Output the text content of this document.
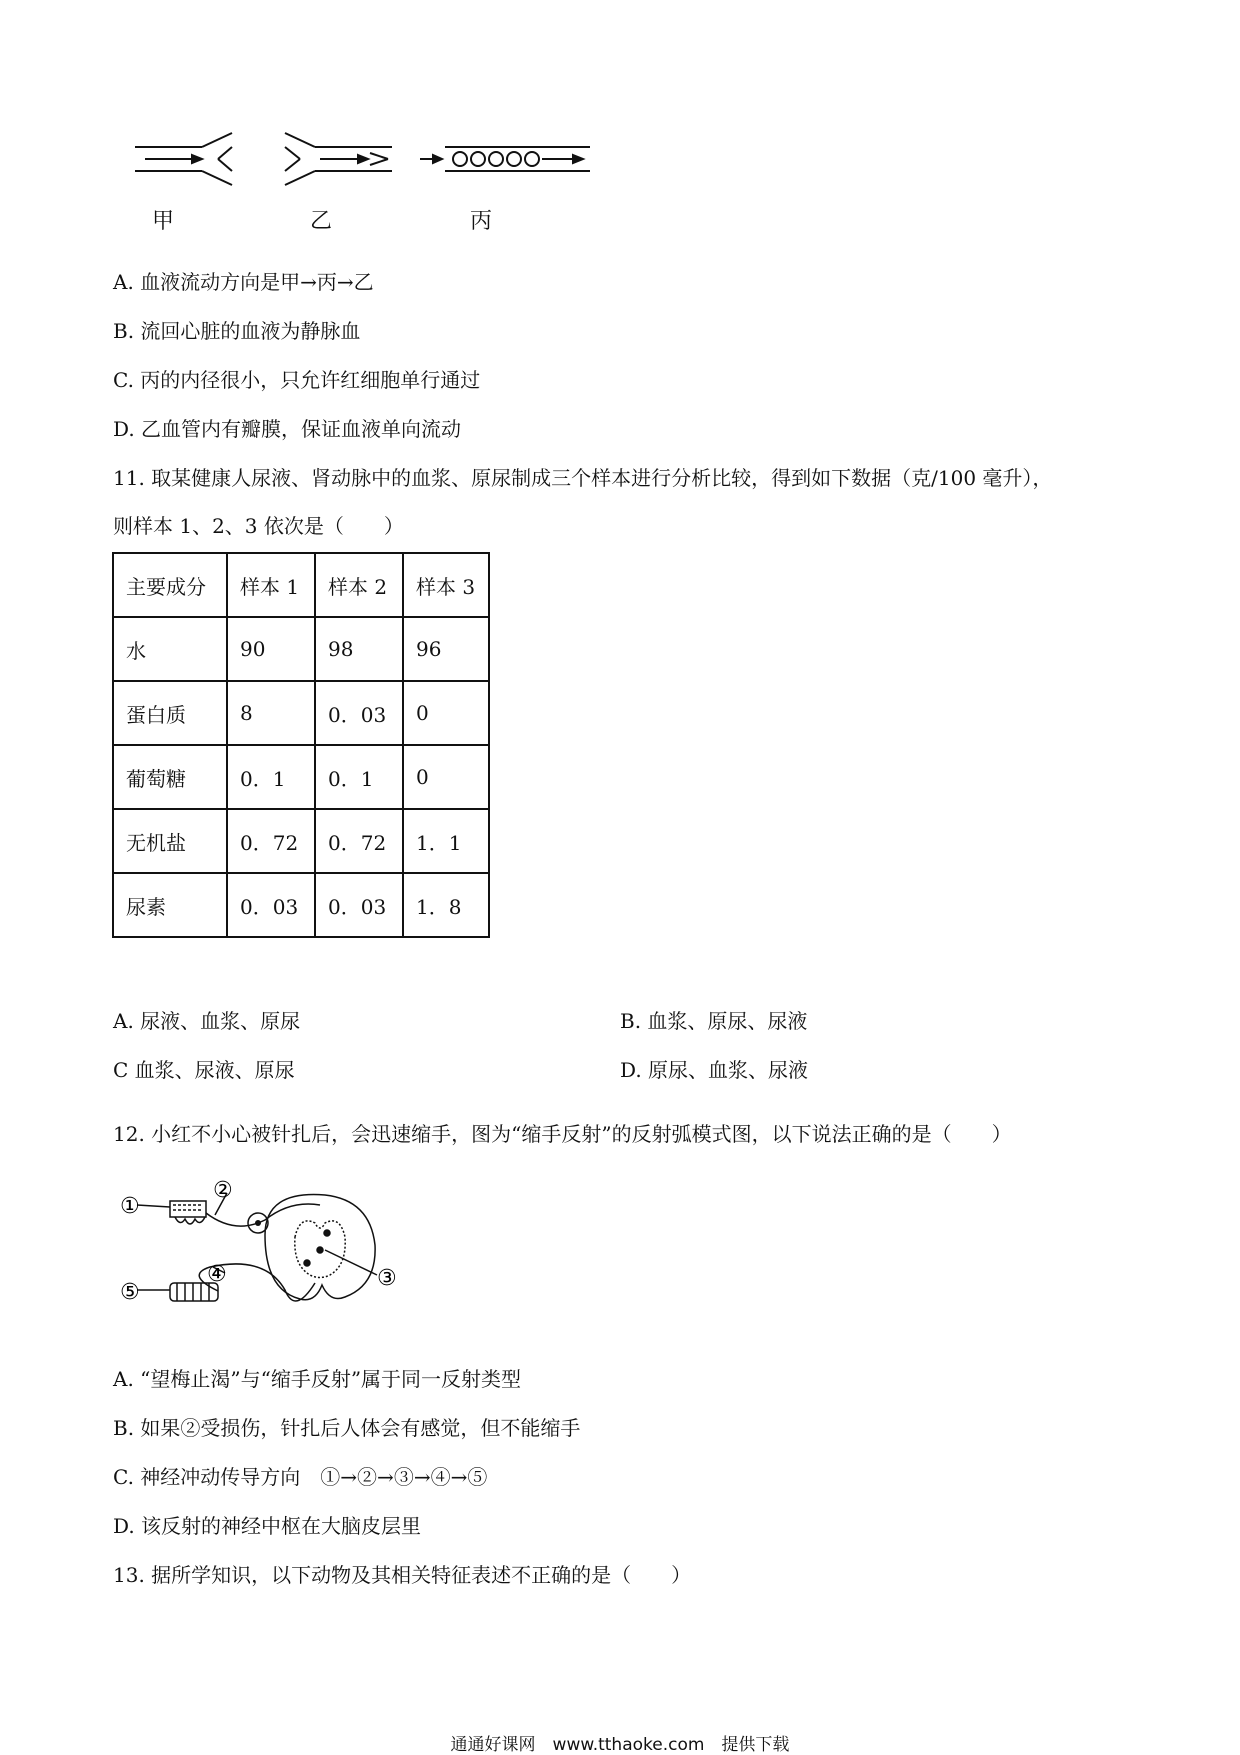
甲	乙	丙
A. 血液流动方向是甲→丙→乙
B. 流回心脏的血液为静脉血
C. 丙的内径很小，只允许红细胞单行通过
D. 乙血管内有瓣膜，保证血液单向流动
11. 取某健康人尿液、肾动脉中的血浆、原尿制成三个样本进行分析比较，得到如下数据（克/100 毫升），
则样本 1、2、3 依次是（　　）
主要成分	样本 1	样本 2	样本 3
水	90	98	96
蛋白质	8	0．03	0
葡萄糖	0．1	0．1	0
无机盐	0．72	0．72	1．1
尿素	0．03	0．03	1．8
A. 尿液、血浆、原尿	B. 血浆、原尿、尿液
C 血浆、尿液、原尿	D. 原尿、血浆、尿液
12. 小红不小心被针扎后，会迅速缩手，图为“缩手反射”的反射弧模式图，以下说法正确的是（　　）
①
②
③
④
⑤
A. “望梅止渴”与“缩手反射”属于同一反射类型
B. 如果②受损伤，针扎后人体会有感觉，但不能缩手
C. 神经冲动传导方向　①→②→③→④→⑤
D. 该反射的神经中枢在大脑皮层里
13. 据所学知识，以下动物及其相关特征表述不正确的是（　　）
通通好课网　www.tthaoke.com　提供下载
